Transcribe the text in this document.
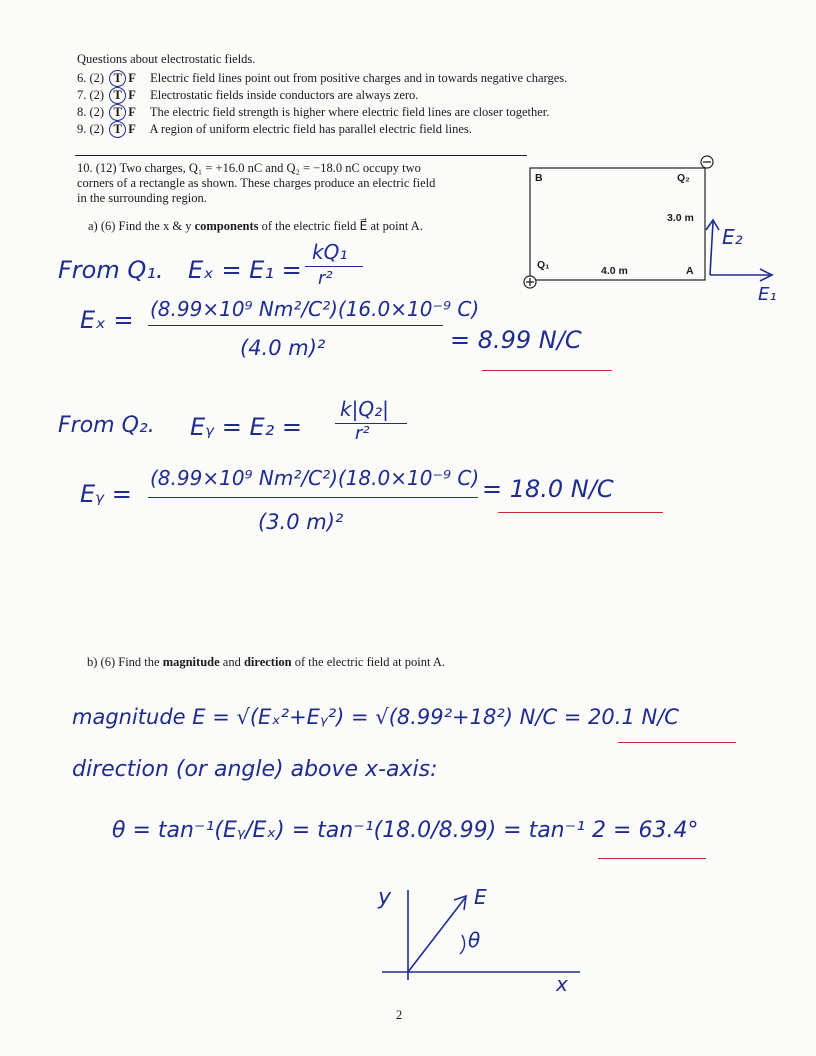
Questions about electrostatic fields.
6. (2) T F Electric field lines point out from positive charges and in towards negative charges.
7. (2) T F Electrostatic fields inside conductors are always zero.
8. (2) T F The electric field strength is higher where electric field lines are closer together.
9. (2) T F A region of uniform electric field has parallel electric field lines.
10. (12) Two charges, Q₁ = +16.0 nC and Q₂ = −18.0 nC occupy two
corners of a rectangle as shown. These charges produce an electric field
in the surrounding region.
a) (6) Find the x & y components of the electric field E⃗ at point A.
B	Q₂
Q₁	A
4.0 m
3.0 m
E₂
E₁
From Q₁. Eₓ = E₁ =
kQ₁
r²
Eₓ = (8.99×10⁹ Nm²/C²)(16.0×10⁻⁹ C)
(4.0 m)²	= 8.99 N/C
From Q₂. Eᵧ = E₂ =
k|Q₂|
r²
Eᵧ =
(8.99×10⁹ Nm²/C²)(18.0×10⁻⁹ C)
(3.0 m)²
= 18.0 N/C
b) (6) Find the magnitude and direction of the electric field at point A.
magnitude E = √(Eₓ²+Eᵧ²) = √(8.99²+18²) N/C = 20.1 N/C
direction (or angle) above x-axis:
θ = tan⁻¹(Eᵧ/Eₓ) = tan⁻¹(18.0/8.99) = tan⁻¹ 2 = 63.4°
y	E
θ
x
2
